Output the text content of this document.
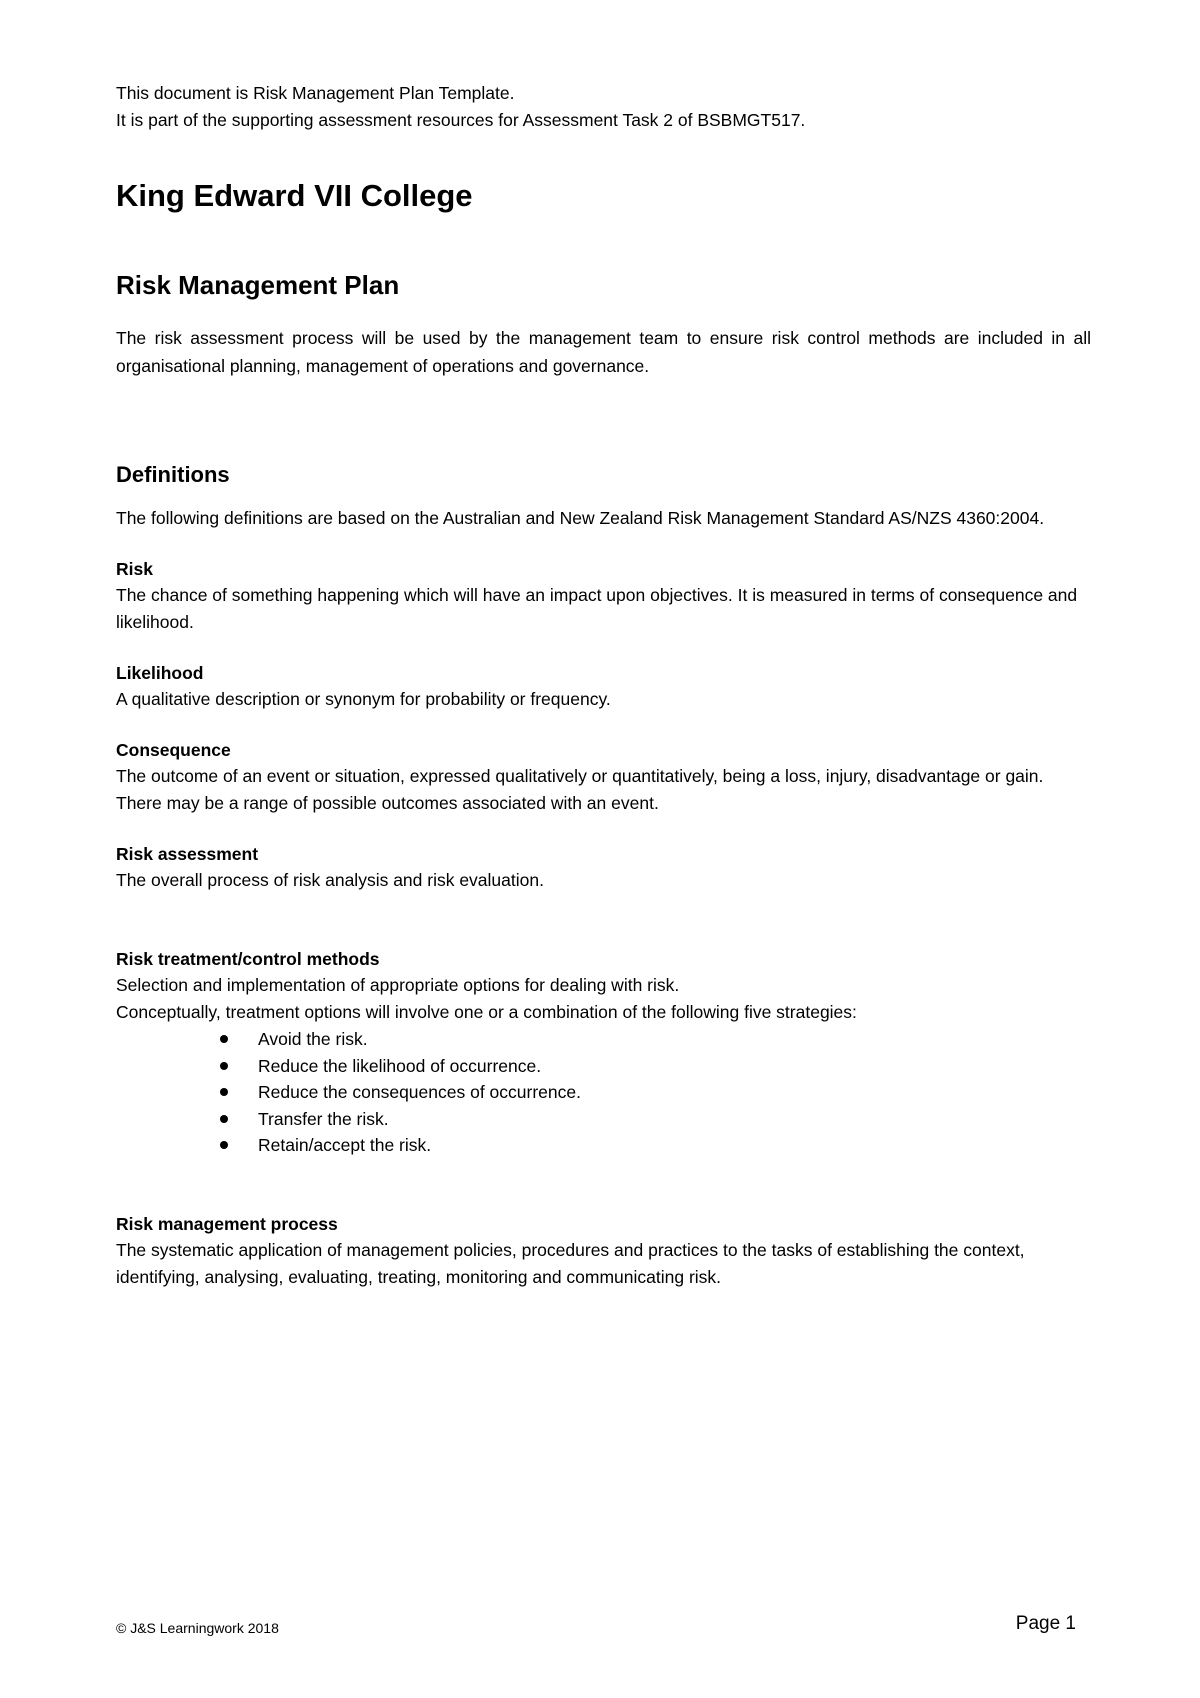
This document is Risk Management Plan Template.

It is part of the supporting assessment resources for Assessment Task 2 of BSBMGT517.

King Edward VII College
Risk Management Plan

The risk assessment process will be used by the management team to ensure risk control methods are included in all organisational planning, management of operations and governance.

Definitions

The following definitions are based on the Australian and New Zealand Risk Management Standard AS/NZS 4360:2004.

Risk

The chance of something happening which will have an impact upon objectives. It is measured in terms of consequence and likelihood.

Likelihood

A qualitative description or synonym for probability or frequency.

Consequence

The outcome of an event or situation, expressed qualitatively or quantitatively, being a loss, injury, disadvantage or gain. There may be a range of possible outcomes associated with an event.

Risk assessment

The overall process of risk analysis and risk evaluation.

Risk treatment/control methods

Selection and implementation of appropriate options for dealing with risk.

Conceptually, treatment options will involve one or a combination of the following five strategies:

Avoid the risk.
Reduce the likelihood of occurrence.
Reduce the consequences of occurrence.
Transfer the risk.
Retain/accept the risk.

Risk management process

The systematic application of management policies, procedures and practices to the tasks of establishing the context, identifying, analysing, evaluating, treating, monitoring and communicating risk.

© J&S Learningwork 2018	Page 1
